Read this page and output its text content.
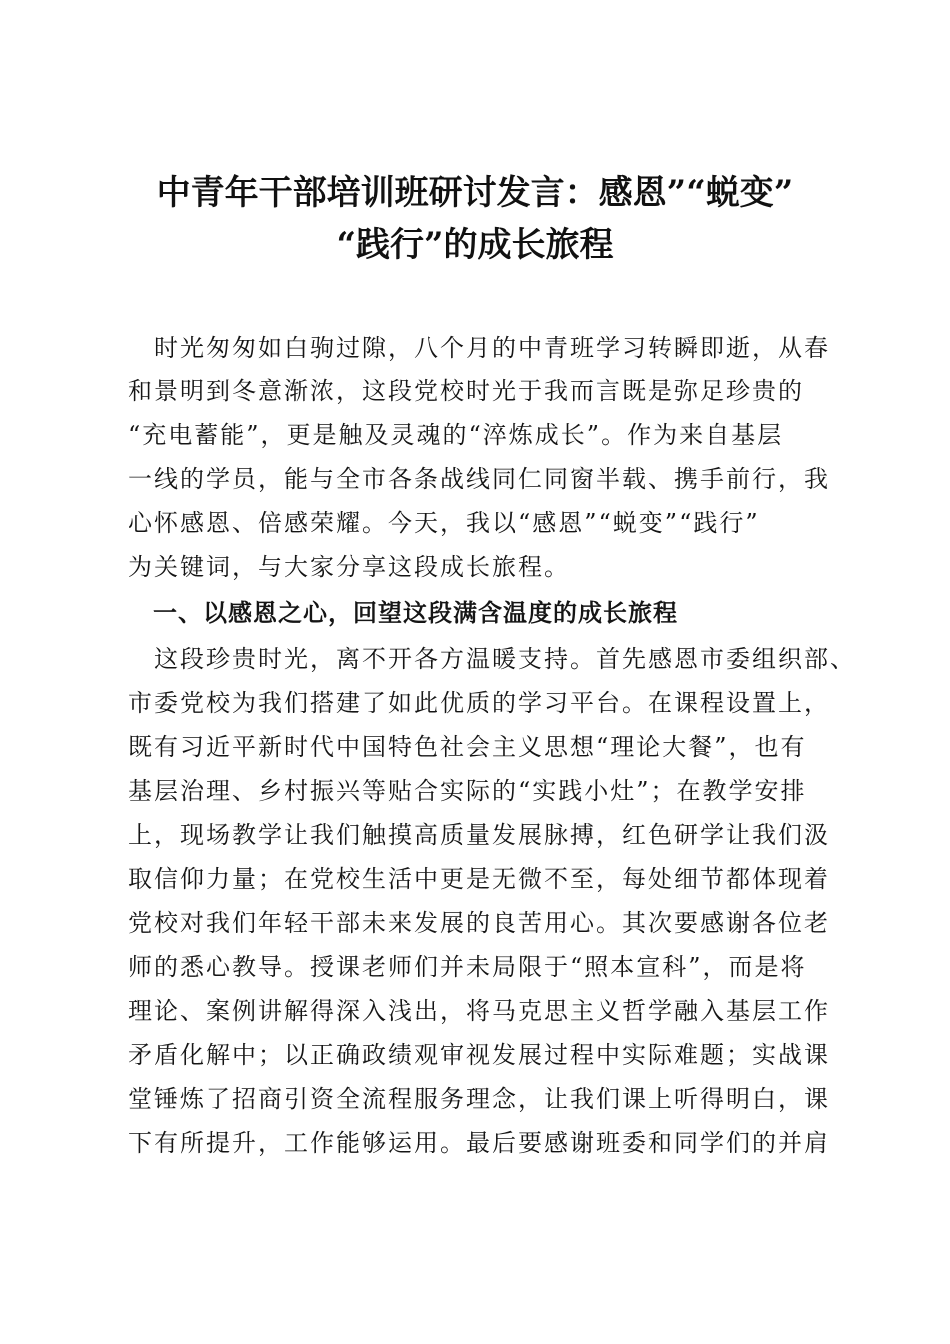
中青年干部培训班研讨发言：感恩”“蜕变”
“践行”的成长旅程
　时光匆匆如白驹过隙，八个月的中青班学习转瞬即逝，从春
和景明到冬意渐浓，这段党校时光于我而言既是弥足珍贵的
“充电蓄能”，更是触及灵魂的“淬炼成长”。作为来自基层
一线的学员，能与全市各条战线同仁同窗半载、携手前行，我
心怀感恩、倍感荣耀。今天，我以“感恩”“蜕变”“践行”
为关键词，与大家分享这段成长旅程。
　一、以感恩之心，回望这段满含温度的成长旅程
　这段珍贵时光，离不开各方温暖支持。首先感恩市委组织部、
市委党校为我们搭建了如此优质的学习平台。在课程设置上，
既有习近平新时代中国特色社会主义思想“理论大餐”，也有
基层治理、乡村振兴等贴合实际的“实践小灶”；在教学安排
上，现场教学让我们触摸高质量发展脉搏，红色研学让我们汲
取信仰力量；在党校生活中更是无微不至，每处细节都体现着
党校对我们年轻干部未来发展的良苦用心。其次要感谢各位老
师的悉心教导。授课老师们并未局限于“照本宣科”，而是将
理论、案例讲解得深入浅出，将马克思主义哲学融入基层工作
矛盾化解中；以正确政绩观审视发展过程中实际难题；实战课
堂锤炼了招商引资全流程服务理念，让我们课上听得明白，课
下有所提升，工作能够运用。最后要感谢班委和同学们的并肩
